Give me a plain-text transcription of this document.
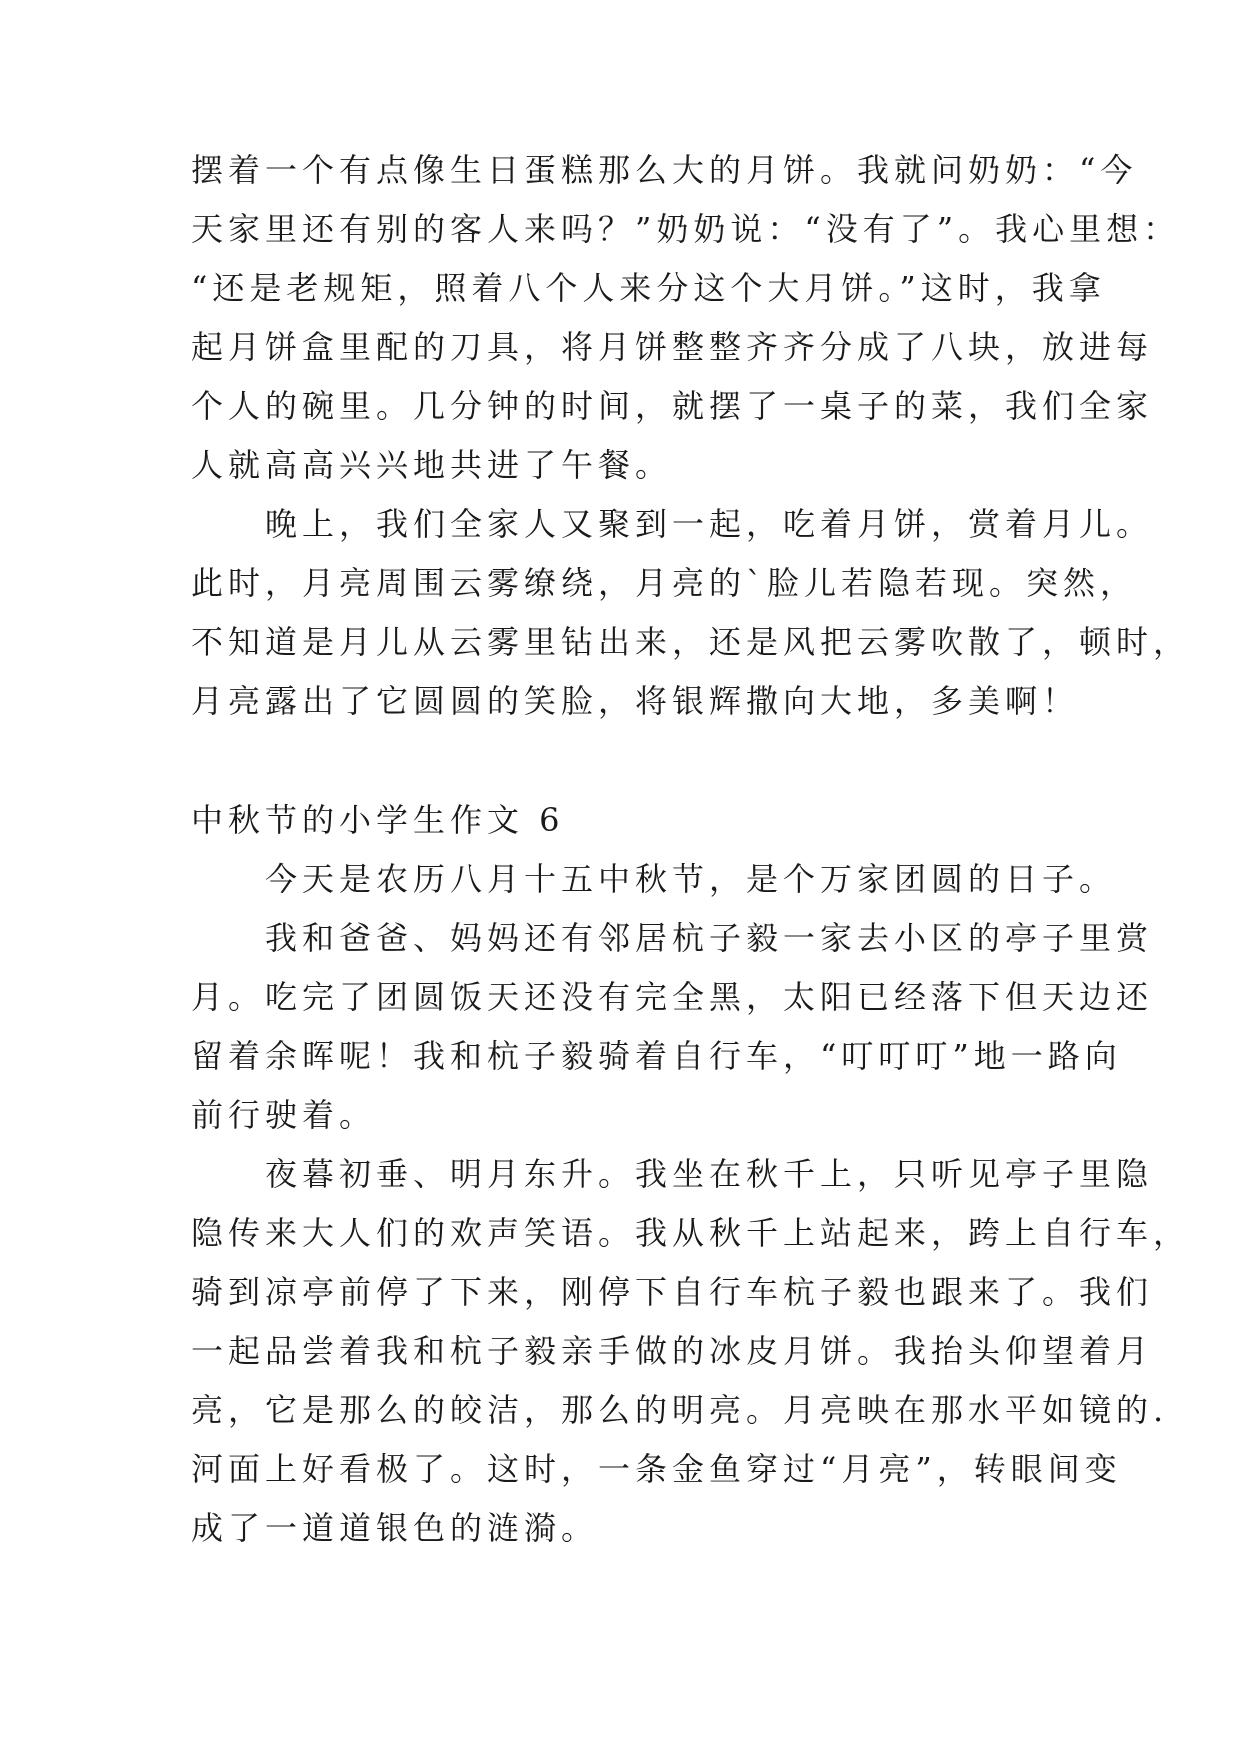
摆着一个有点像生日蛋糕那么大的月饼。我就问奶奶：“今
天家里还有别的客人来吗？”奶奶说：“没有了”。我心里想：
“还是老规矩，照着八个人来分这个大月饼。”这时，我拿
起月饼盒里配的刀具，将月饼整整齐齐分成了八块，放进每
个人的碗里。几分钟的时间，就摆了一桌子的菜，我们全家
人就高高兴兴地共进了午餐。
　　晚上，我们全家人又聚到一起，吃着月饼，赏着月儿。
此时，月亮周围云雾缭绕，月亮的`脸儿若隐若现。突然，
不知道是月儿从云雾里钻出来，还是风把云雾吹散了，顿时，
月亮露出了它圆圆的笑脸，将银辉撒向大地，多美啊！
中秋节的小学生作文 6
　　今天是农历八月十五中秋节，是个万家团圆的日子。
　　我和爸爸、妈妈还有邻居杭子毅一家去小区的亭子里赏
月。吃完了团圆饭天还没有完全黑，太阳已经落下但天边还
留着余晖呢！我和杭子毅骑着自行车，“叮叮叮”地一路向
前行驶着。
　　夜暮初垂、明月东升。我坐在秋千上，只听见亭子里隐
隐传来大人们的欢声笑语。我从秋千上站起来，跨上自行车，
骑到凉亭前停了下来，刚停下自行车杭子毅也跟来了。我们
一起品尝着我和杭子毅亲手做的冰皮月饼。我抬头仰望着月
亮，它是那么的皎洁，那么的明亮。月亮映在那水平如镜的.
河面上好看极了。这时，一条金鱼穿过“月亮”，转眼间变
成了一道道银色的涟漪。
